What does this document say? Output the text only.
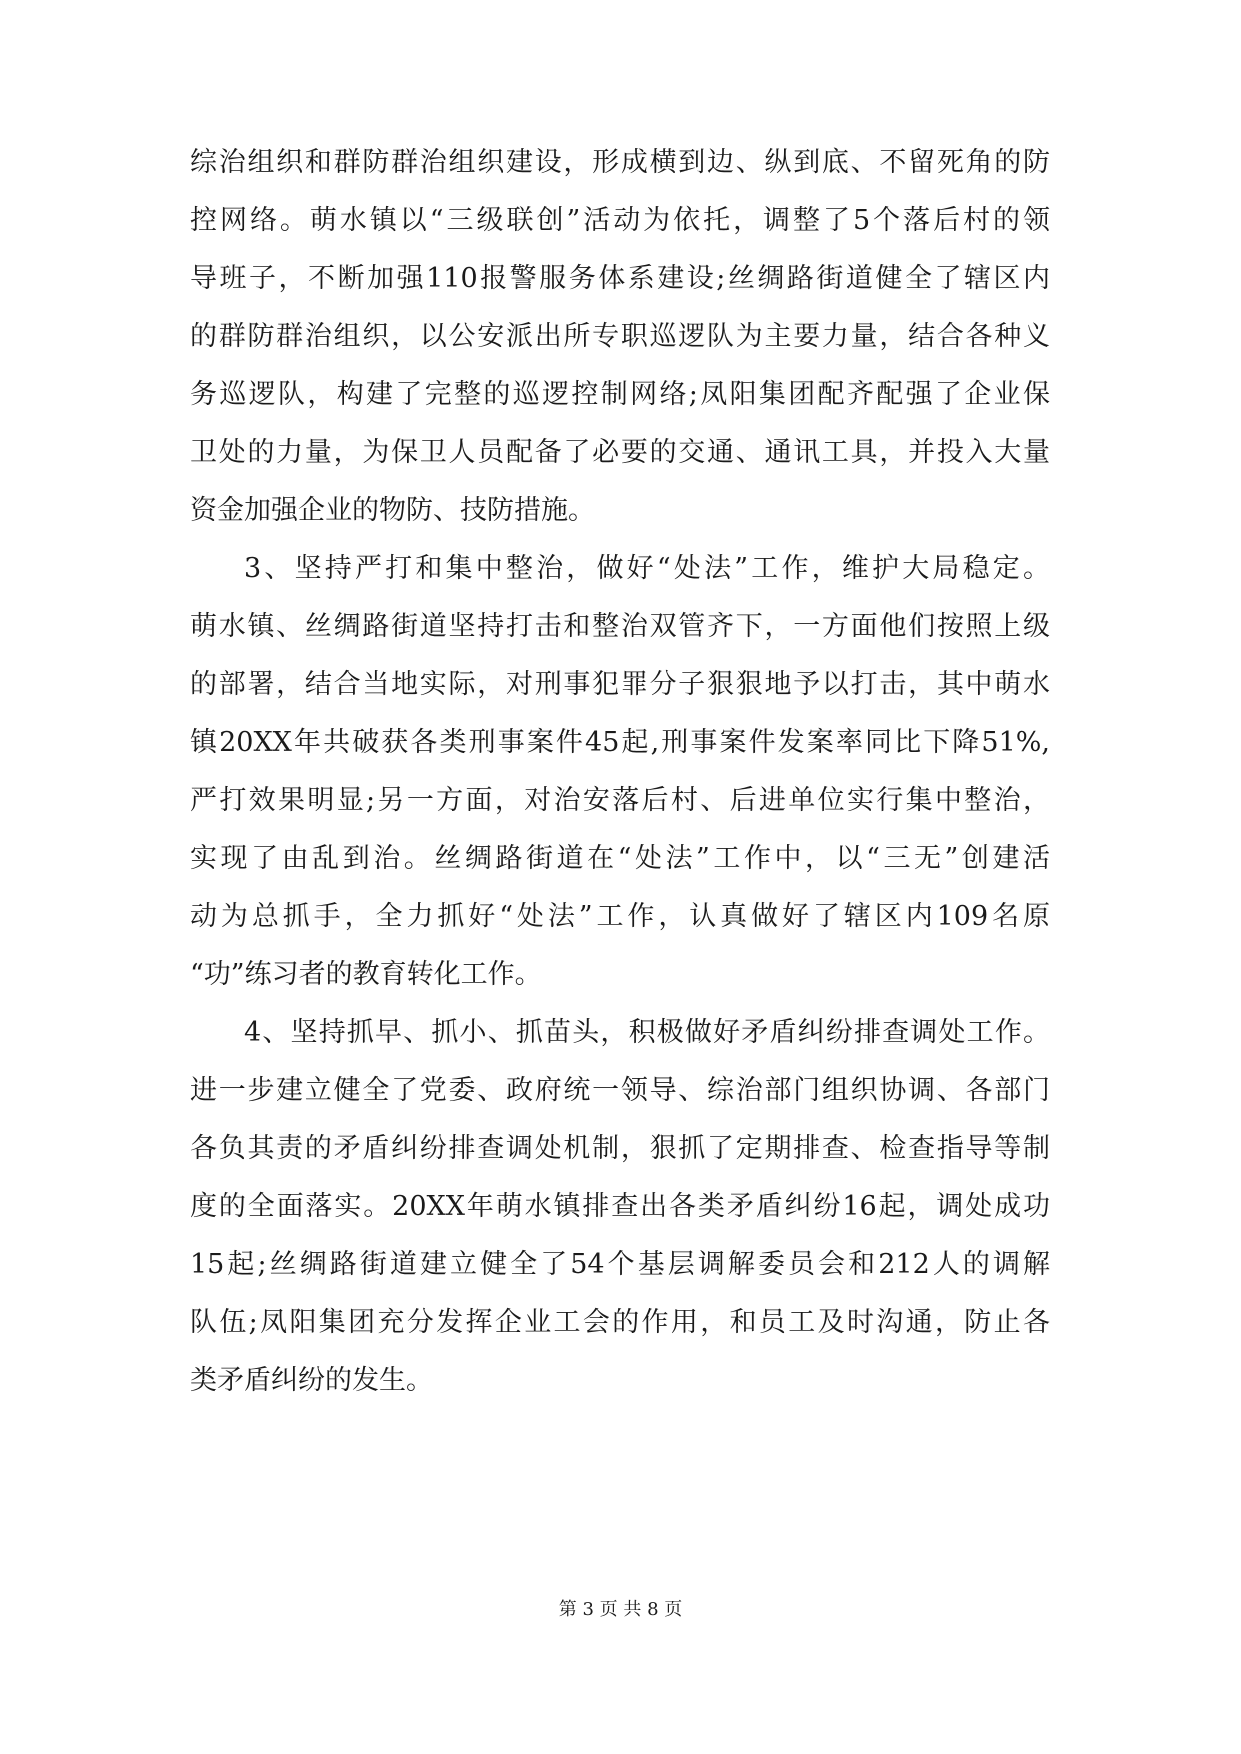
综治组织和群防群治组织建设，形成横到边、纵到底、不留死角的防
控网络。萌水镇以“三级联创”活动为依托，调整了5个落后村的领
导班子，不断加强110报警服务体系建设;丝绸路街道健全了辖区内
的群防群治组织，以公安派出所专职巡逻队为主要力量，结合各种义
务巡逻队，构建了完整的巡逻控制网络;凤阳集团配齐配强了企业保
卫处的力量，为保卫人员配备了必要的交通、通讯工具，并投入大量
资金加强企业的物防、技防措施。
3、坚持严打和集中整治，做好“处法”工作，维护大局稳定。
萌水镇、丝绸路街道坚持打击和整治双管齐下，一方面他们按照上级
的部署，结合当地实际，对刑事犯罪分子狠狠地予以打击，其中萌水
镇20XX年共破获各类刑事案件45起,刑事案件发案率同比下降51%,
严打效果明显;另一方面，对治安落后村、后进单位实行集中整治，
实现了由乱到治。丝绸路街道在“处法”工作中，以“三无”创建活
动为总抓手，全力抓好“处法”工作，认真做好了辖区内109名原
“功”练习者的教育转化工作。
4、坚持抓早、抓小、抓苗头，积极做好矛盾纠纷排查调处工作。
进一步建立健全了党委、政府统一领导、综治部门组织协调、各部门
各负其责的矛盾纠纷排查调处机制，狠抓了定期排查、检查指导等制
度的全面落实。20XX年萌水镇排查出各类矛盾纠纷16起，调处成功
15起;丝绸路街道建立健全了54个基层调解委员会和212人的调解
队伍;凤阳集团充分发挥企业工会的作用，和员工及时沟通，防止各
类矛盾纠纷的发生。
第 3 页 共 8 页
